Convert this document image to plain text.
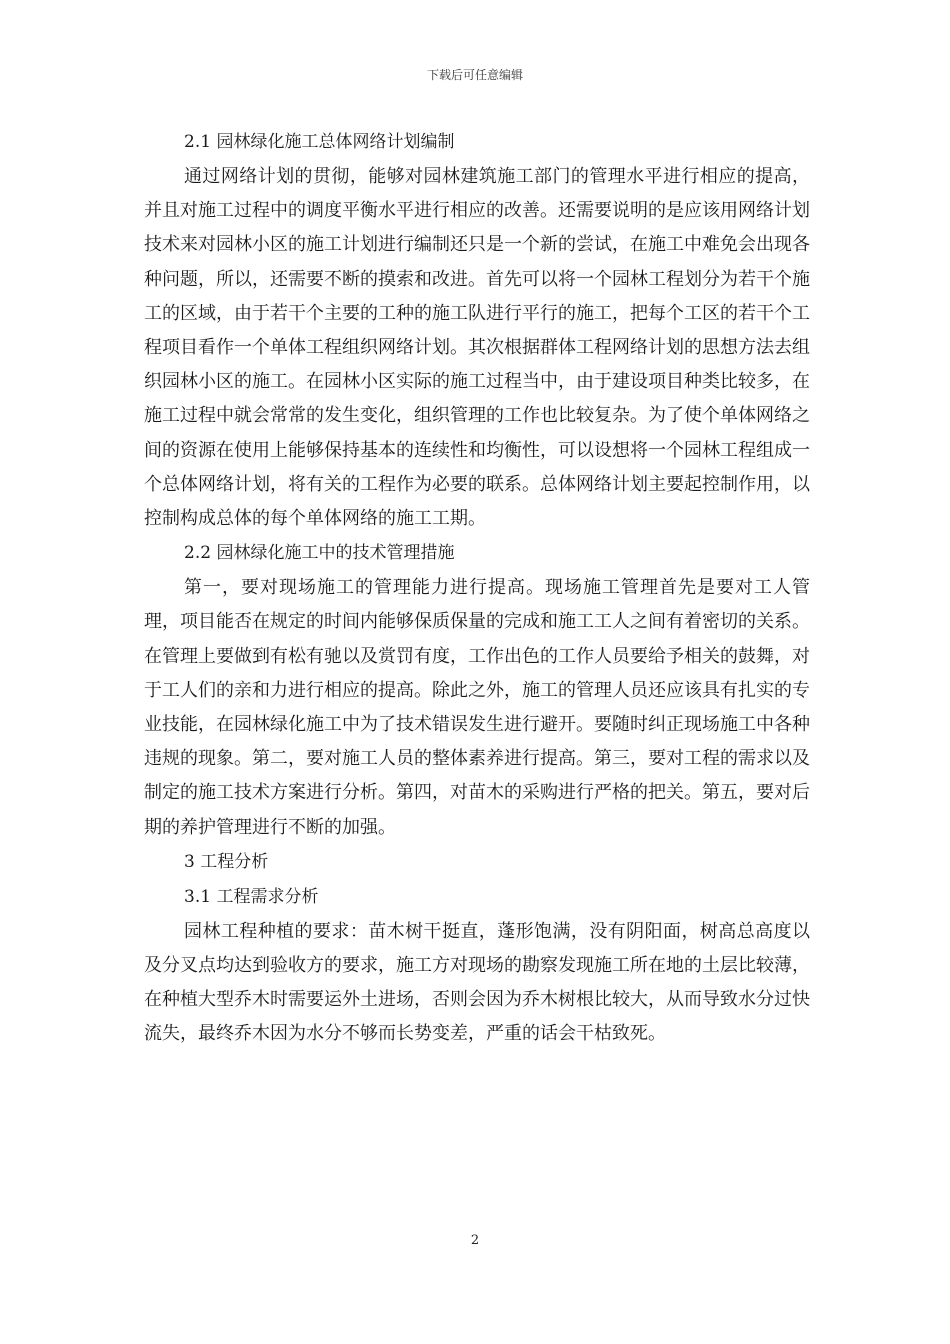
下载后可任意编辑

2.1 园林绿化施工总体网络计划编制

通过网络计划的贯彻，能够对园林建筑施工部门的管理水平进行相应的提高，并且对施工过程中的调度平衡水平进行相应的改善。还需要说明的是应该用网络计划技术来对园林小区的施工计划进行编制还只是一个新的尝试，在施工中难免会出现各种问题，所以，还需要不断的摸索和改进。首先可以将一个园林工程划分为若干个施工的区域，由于若干个主要的工种的施工队进行平行的施工，把每个工区的若干个工程项目看作一个单体工程组织网络计划。其次根据群体工程网络计划的思想方法去组织园林小区的施工。在园林小区实际的施工过程当中，由于建设项目种类比较多，在施工过程中就会常常的发生变化，组织管理的工作也比较复杂。为了使个单体网络之间的资源在使用上能够保持基本的连续性和均衡性，可以设想将一个园林工程组成一个总体网络计划，将有关的工程作为必要的联系。总体网络计划主要起控制作用，以控制构成总体的每个单体网络的施工工期。

2.2 园林绿化施工中的技术管理措施

第一，要对现场施工的管理能力进行提高。现场施工管理首先是要对工人管理，项目能否在规定的时间内能够保质保量的完成和施工工人之间有着密切的关系。在管理上要做到有松有驰以及赏罚有度，工作出色的工作人员要给予相关的鼓舞，对于工人们的亲和力进行相应的提高。除此之外，施工的管理人员还应该具有扎实的专业技能，在园林绿化施工中为了技术错误发生进行避开。要随时纠正现场施工中各种违规的现象。第二，要对施工人员的整体素养进行提高。第三，要对工程的需求以及制定的施工技术方案进行分析。第四，对苗木的采购进行严格的把关。第五，要对后期的养护管理进行不断的加强。

3 工程分析

3.1 工程需求分析

园林工程种植的要求：苗木树干挺直，蓬形饱满，没有阴阳面，树高总高度以及分叉点均达到验收方的要求，施工方对现场的勘察发现施工所在地的土层比较薄，在种植大型乔木时需要运外土进场，否则会因为乔木树根比较大，从而导致水分过快流失，最终乔木因为水分不够而长势变差，严重的话会干枯致死。

2
